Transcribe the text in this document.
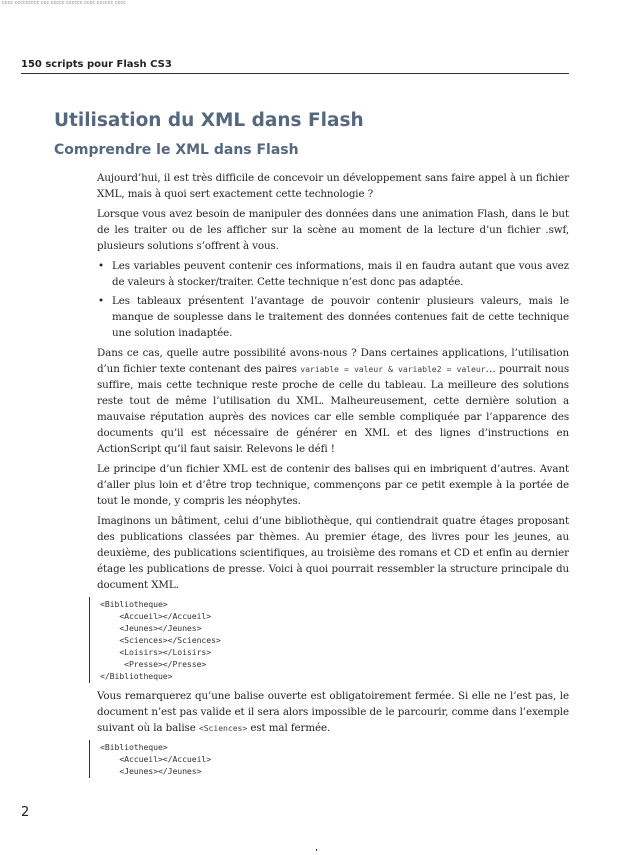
cccc ccccccccc ccc ccccc cccccc cccc cccccc cccc
150 scripts pour Flash CS3
Utilisation du XML dans Flash
Comprendre le XML dans Flash

Aujourd’hui, il est très difficile de concevoir un développement sans faire appel à un fichier XML, mais à quoi sert exactement cette technologie ?

Lorsque vous avez besoin de manipuler des données dans une animation Flash, dans le but de les traiter ou de les afficher sur la scène au moment de la lecture d’un fichier .swf, plusieurs solutions s’offrent à vous.

• Les variables peuvent contenir ces informations, mais il en faudra autant que vous avez de valeurs à stocker/traiter. Cette technique n’est donc pas adaptée.
• Les tableaux présentent l’avantage de pouvoir contenir plusieurs valeurs, mais le manque de souplesse dans le traitement des données contenues fait de cette technique une solution inadaptée.

Dans ce cas, quelle autre possibilité avons-nous ? Dans certaines applications, l’utilisation d’un fichier texte contenant des paires variable = valeur & variable2 = valeur… pourrait nous suffire, mais cette technique reste proche de celle du tableau. La meilleure des solutions reste tout de même l’utilisation du XML. Malheureusement, cette dernière solution a mauvaise réputation auprès des novices car elle semble compliquée par l’apparence des documents qu’il est nécessaire de générer en XML et des lignes d’instructions en ActionScript qu’il faut saisir. Relevons le défi !

Le principe d’un fichier XML est de contenir des balises qui en imbriquent d’autres. Avant d’aller plus loin et d’être trop technique, commençons par ce petit exemple à la portée de tout le monde, y compris les néophytes.

Imaginons un bâtiment, celui d’une bibliothèque, qui contiendrait quatre étages proposant des publications classées par thèmes. Au premier étage, des livres pour les jeunes, au deuxième, des publications scientifiques, au troisième des romans et CD et enfin au dernier étage les publications de presse. Voici à quoi pourrait ressembler la structure principale du document XML.

<Bibliotheque>
<Accueil></Accueil>
<Jeunes></Jeunes>
<Sciences></Sciences>
<Loisirs></Loisirs>
<Presse></Presse>
</Bibliotheque>

Vous remarquerez qu’une balise ouverte est obligatoirement fermée. Si elle ne l’est pas, le document n’est pas valide et il sera alors impossible de le parcourir, comme dans l’exemple suivant où la balise <Sciences> est mal fermée.

<Bibliotheque>
<Accueil></Accueil>
<Jeunes></Jeunes>
2
